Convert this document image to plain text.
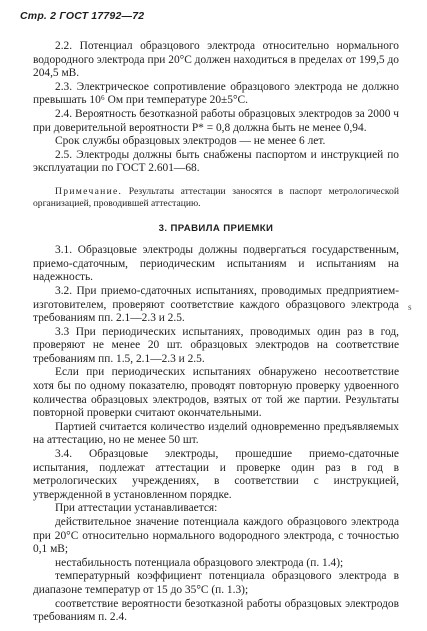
Стр. 2 ГОСТ 17792—72

2.2. Потенциал образцового электрода относительно нормального водородного электрода при 20°С должен находиться в пределах от 199,5 до 204,5 мВ.

2.3. Электрическое сопротивление образцового электрода не должно превышать 10⁶ Ом при температуре 20±5°С.

2.4. Вероятность безотказной работы образцовых электродов за 2000 ч при доверительной вероятности P* = 0,8 должна быть не менее 0,94.

Срок службы образцовых электродов — не менее 6 лет.

2.5. Электроды должны быть снабжены паспортом и инструкцией по эксплуатации по ГОСТ 2.601—68.

Примечание. Результаты аттестации заносятся в паспорт метрологической организацией, проводившей аттестацию.
3. ПРАВИЛА ПРИЕМКИ

3.1. Образцовые электроды должны подвергаться государственным, приемо-сдаточным, периодическим испытаниям и испытаниям на надежность.

3.2. При приемо-сдаточных испытаниях, проводимых предприятием-изготовителем, проверяют соответствие каждого образцового электрода требованиям пп. 2.1—2.3 и 2.5.

3.3 При периодических испытаниях, проводимых один раз в год, проверяют не менее 20 шт. образцовых электродов на соответствие требованиям пп. 1.5, 2.1—2.3 и 2.5.

Если при периодических испытаниях обнаружено несоответствие хотя бы по одному показателю, проводят повторную проверку удвоенного количества образцовых электродов, взятых от той же партии. Результаты повторной проверки считают окончательными.

Партией считается количество изделий одновременно предъявляемых на аттестацию, но не менее 50 шт.

3.4. Образцовые электроды, прошедшие приемо-сдаточные испытания, подлежат аттестации и проверке один раз в год в метрологических учреждениях, в соответствии с инструкцией, утвержденной в установленном порядке.

При аттестации устанавливается:

действительное значение потенциала каждого образцового электрода при 20°С относительно нормального водородного электрода, с точностью 0,1 мВ;

нестабильность потенциала образцового электрода (п. 1.4);

температурный коэффициент потенциала образцового электрода в диапазоне температур от 15 до 35°С (п. 1.3);

соответствие вероятности безотказной работы образцовых электродов требованиям п. 2.4.

s
